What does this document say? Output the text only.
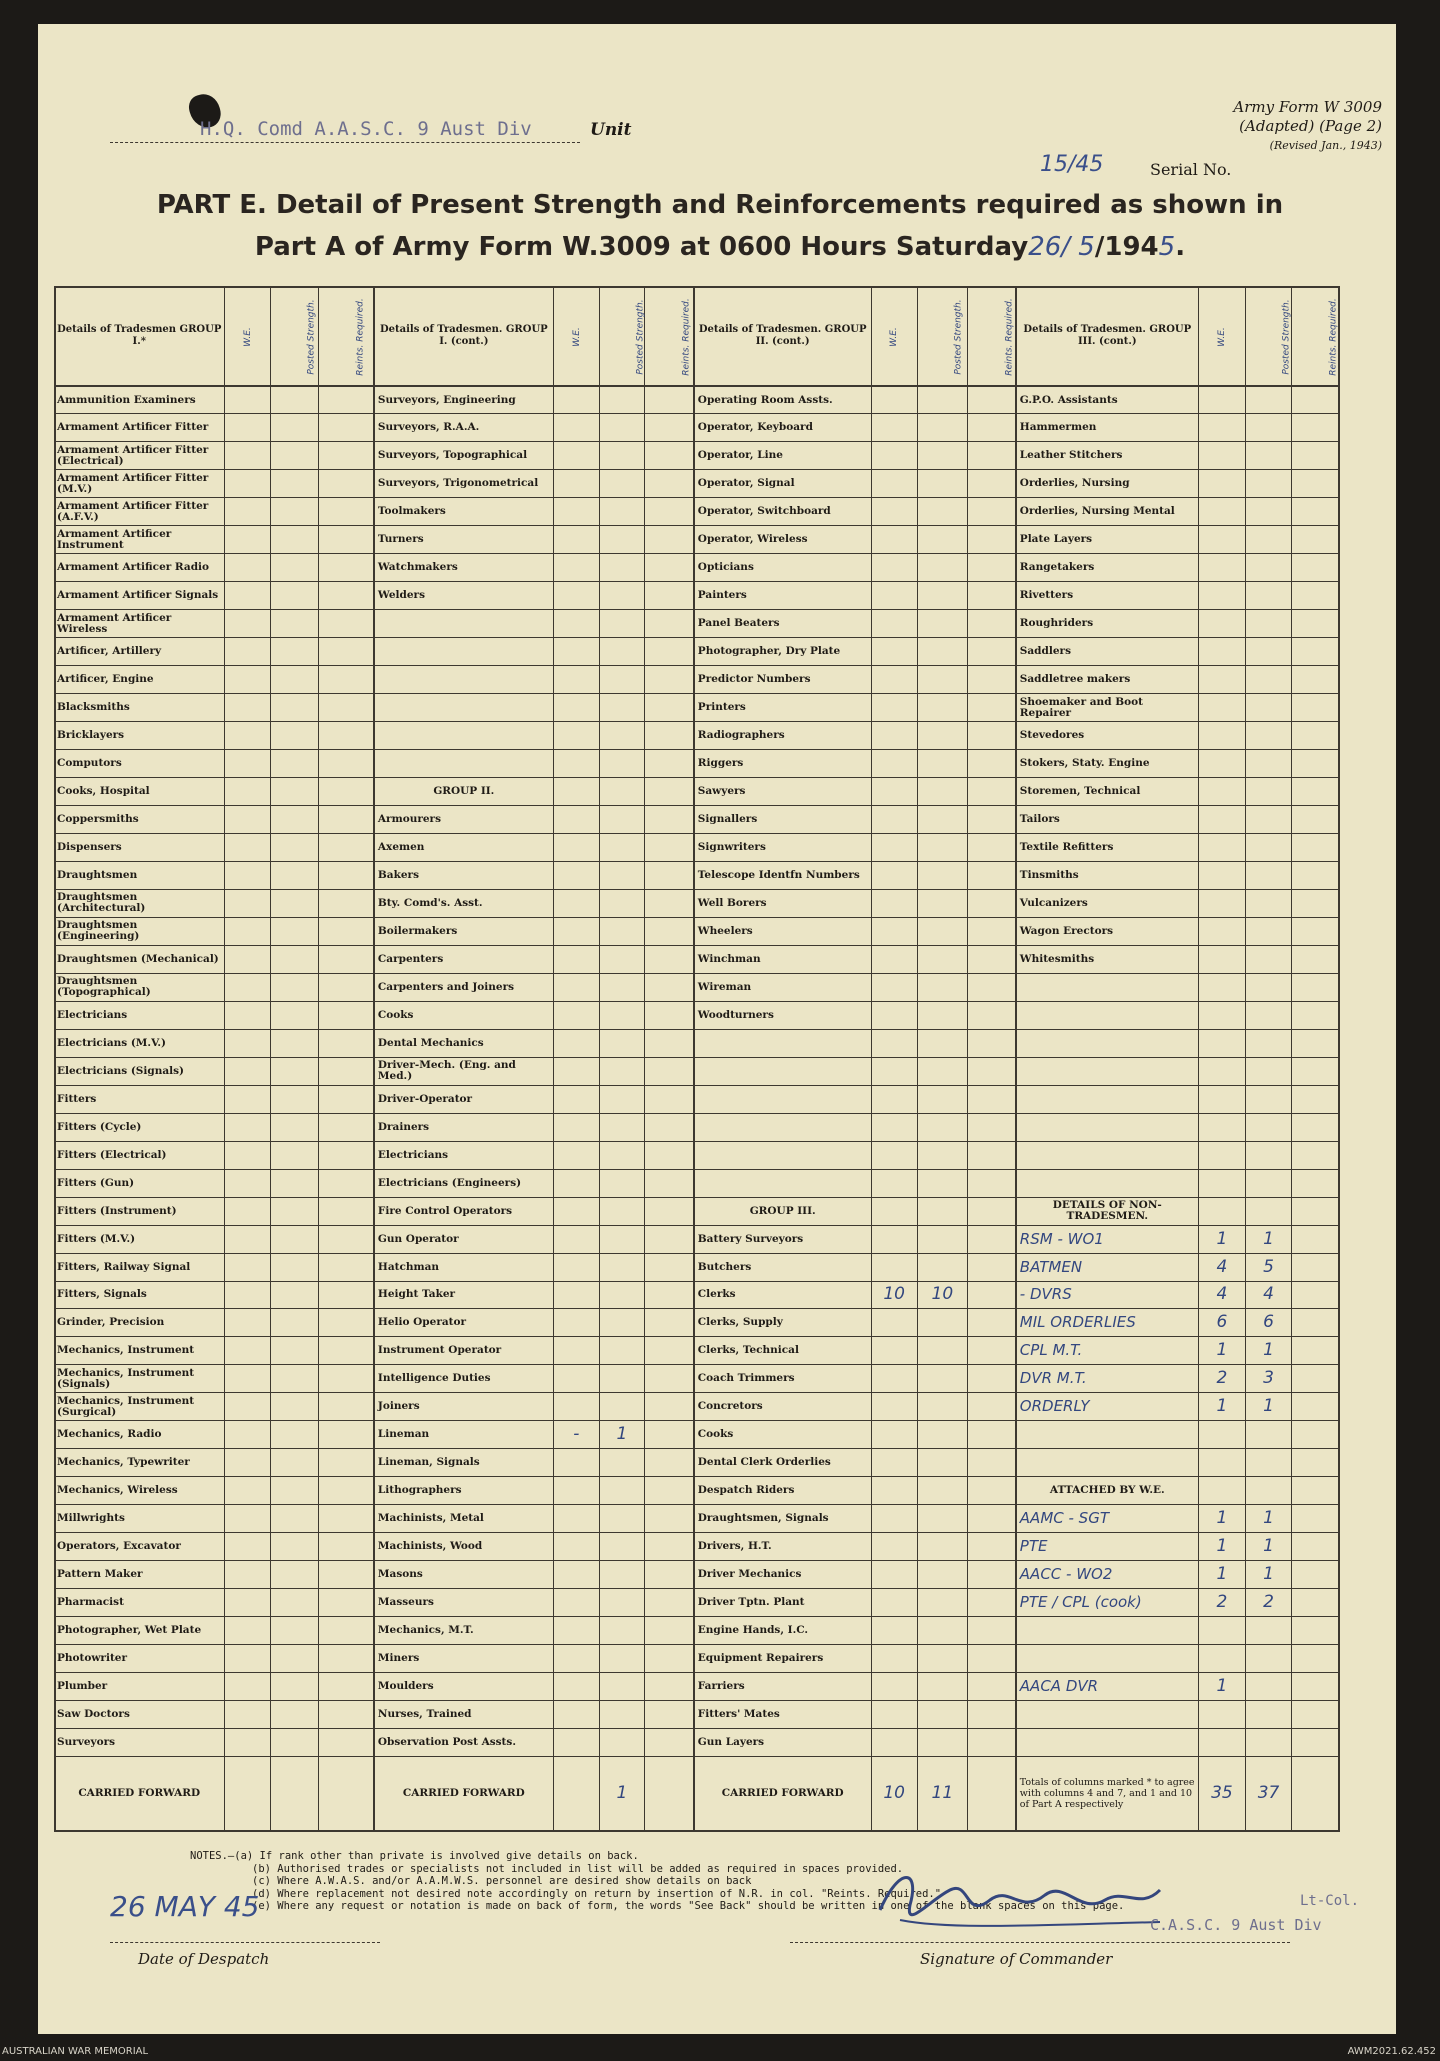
H.Q. Comd A.A.S.C. 9 Aust Div	Unit
Army Form W 3009
(Adapted) (Page 2)
(Revised Jan., 1943)
15/45	Serial No.
PART E. Detail of Present Strength and Reinforcements required as shown in
Part A of Army Form W.3009 at 0600 Hours Saturday26/ 5/1945.
Details of Tradesmen GROUP I.*	W.E.	Posted Strength.	Reints. Required.	Details of Tradesmen. GROUP I. (cont.)	W.E.	Posted Strength.	Reints. Required.	Details of Tradesmen. GROUP II. (cont.)	W.E.	Posted Strength.	Reints. Required.	Details of Tradesmen. GROUP III. (cont.)	W.E.	Posted Strength.	Reints. Required.
Ammunition Examiners				Surveyors, Engineering				Operating Room Assts.				G.P.O. Assistants			
Armament Artificer Fitter				Surveyors, R.A.A.				Operator, Keyboard				Hammermen			
Armament Artificer Fitter (Electrical)				Surveyors, Topographical				Operator, Line				Leather Stitchers			
Armament Artificer Fitter (M.V.)				Surveyors, Trigonometrical				Operator, Signal				Orderlies, Nursing			
Armament Artificer Fitter (A.F.V.)				Toolmakers				Operator, Switchboard				Orderlies, Nursing Mental			
Armament Artificer Instrument				Turners				Operator, Wireless				Plate Layers			
Armament Artificer Radio				Watchmakers				Opticians				Rangetakers			
Armament Artificer Signals				Welders				Painters				Rivetters			
Armament Artificer Wireless								Panel Beaters				Roughriders			
Artificer, Artillery								Photographer, Dry Plate				Saddlers			
Artificer, Engine								Predictor Numbers				Saddletree makers			
Blacksmiths								Printers				Shoemaker and Boot Repairer			
Bricklayers								Radiographers				Stevedores			
Computors								Riggers				Stokers, Staty. Engine			
Cooks, Hospital				GROUP II.				Sawyers				Storemen, Technical			
Coppersmiths				Armourers				Signallers				Tailors			
Dispensers				Axemen				Signwriters				Textile Refitters			
Draughtsmen				Bakers				Telescope Identfn Numbers				Tinsmiths			
Draughtsmen (Architectural)				Bty. Comd's. Asst.				Well Borers				Vulcanizers			
Draughtsmen (Engineering)				Boilermakers				Wheelers				Wagon Erectors			
Draughtsmen (Mechanical)				Carpenters				Winchman				Whitesmiths			
Draughtsmen (Topographical)				Carpenters and Joiners				Wireman							
Electricians				Cooks				Woodturners							
Electricians (M.V.)				Dental Mechanics											
Electricians (Signals)				Driver-Mech. (Eng. and Med.)											
Fitters				Driver-Operator											
Fitters (Cycle)				Drainers											
Fitters (Electrical)				Electricians											
Fitters (Gun)				Electricians (Engineers)											
Fitters (Instrument)				Fire Control Operators				GROUP III.				DETAILS OF NON-TRADESMEN.			
Fitters (M.V.)				Gun Operator				Battery Surveyors				RSM - WO1	1	1	
Fitters, Railway Signal				Hatchman				Butchers				BATMEN	4	5	
Fitters, Signals				Height Taker				Clerks	10	10		- DVRS	4	4	
Grinder, Precision				Helio Operator				Clerks, Supply				MIL ORDERLIES	6	6	
Mechanics, Instrument				Instrument Operator				Clerks, Technical				CPL M.T.	1	1	
Mechanics, Instrument (Signals)				Intelligence Duties				Coach Trimmers				DVR M.T.	2	3	
Mechanics, Instrument (Surgical)				Joiners				Concretors				ORDERLY	1	1	
Mechanics, Radio				Lineman	-	1		Cooks							
Mechanics, Typewriter				Lineman, Signals				Dental Clerk Orderlies							
Mechanics, Wireless				Lithographers				Despatch Riders				ATTACHED BY W.E.			
Millwrights				Machinists, Metal				Draughtsmen, Signals				AAMC - SGT	1	1	
Operators, Excavator				Machinists, Wood				Drivers, H.T.				PTE	1	1	
Pattern Maker				Masons				Driver Mechanics				AACC - WO2	1	1	
Pharmacist				Masseurs				Driver Tptn. Plant				PTE / CPL (cook)	2	2	
Photographer, Wet Plate				Mechanics, M.T.				Engine Hands, I.C.							
Photowriter				Miners				Equipment Repairers							
Plumber				Moulders				Farriers				AACA DVR	1		
Saw Doctors				Nurses, Trained				Fitters' Mates							
Surveyors				Observation Post Assts.				Gun Layers							
CARRIED FORWARD				CARRIED FORWARD		1		CARRIED FORWARD	10	11		Totals of columns marked * to agree with columns 4 and 7, and 1 and 10 of Part A respectively	35	37	
NOTES.—(a) If rank other than private is involved give details on back.
(b) Authorised trades or specialists not included in list will be added as required in spaces provided.
(c) Where A.W.A.S. and/or A.A.M.W.S. personnel are desired show details on back
(d) Where replacement not desired note accordingly on return by insertion of N.R. in col. "Reints. Required."
(e) Where any request or notation is made on back of form, the words "See Back" should be written in one of the blank spaces on this page.
26 MAY 45
Date of Despatch	Signature of Commander
Lt-Col.
C.A.S.C. 9 Aust Div
AUSTRALIAN WAR MEMORIAL	AWM2021.62.452
